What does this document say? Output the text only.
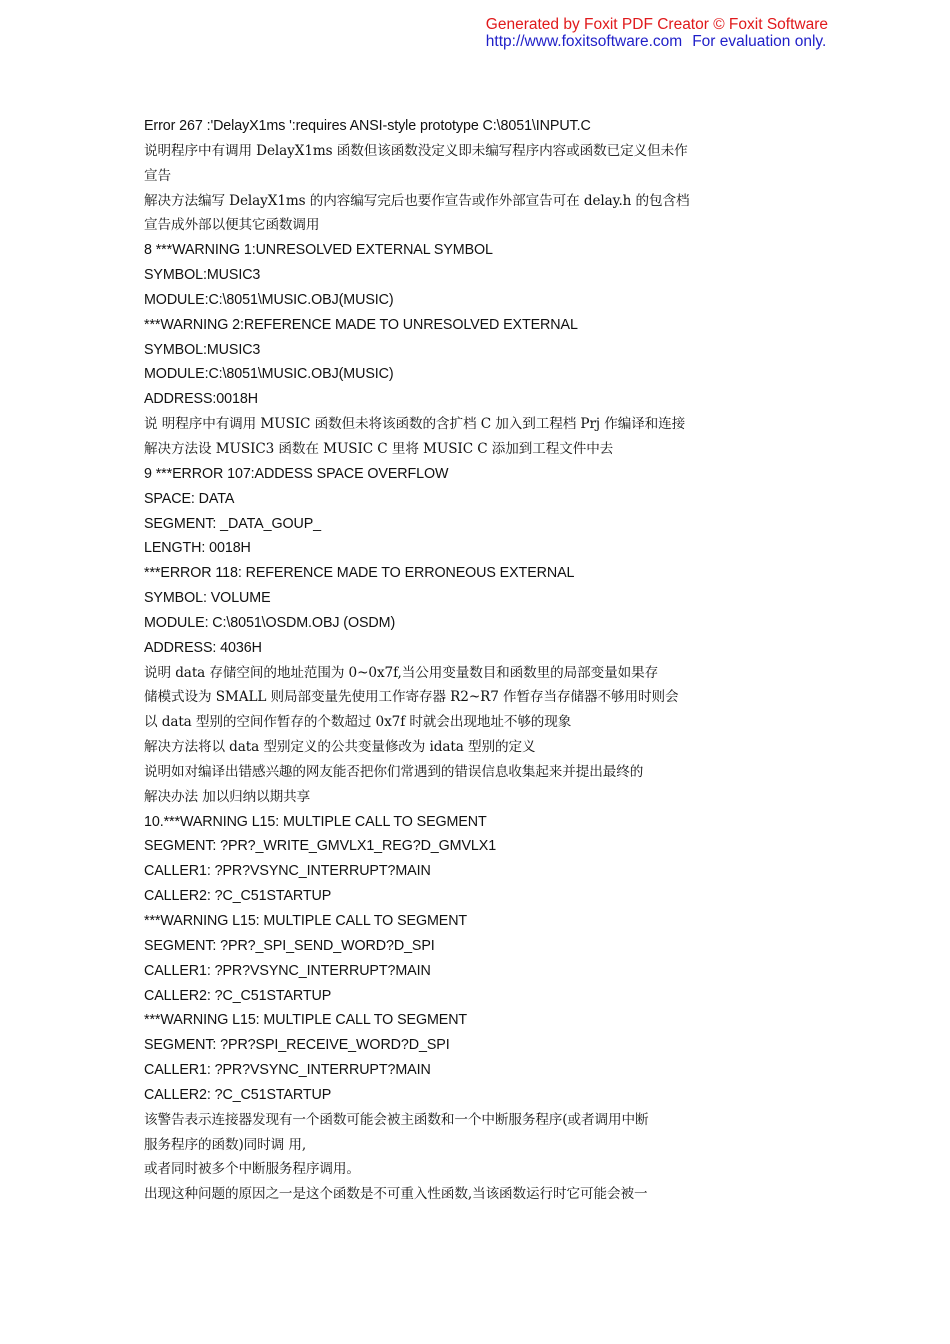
Generated by Foxit PDF Creator © Foxit Software
http://www.foxitsoftware.com For evaluation only.
Error 267 :'DelayX1ms ':requires ANSI-style prototype C:\8051\INPUT.C
说明程序中有调用 DelayX1ms 函数但该函数没定义即未编写程序内容或函数已定义但未作
宣告
解决方法编写 DelayX1ms 的内容编写完后也要作宣告或作外部宣告可在 delay.h 的包含档
宣告成外部以便其它函数调用
8 ***WARNING 1:UNRESOLVED EXTERNAL SYMBOL
SYMBOL:MUSIC3
MODULE:C:\8051\MUSIC.OBJ(MUSIC)
***WARNING 2:REFERENCE MADE TO UNRESOLVED EXTERNAL
SYMBOL:MUSIC3
MODULE:C:\8051\MUSIC.OBJ(MUSIC)
ADDRESS:0018H
说 明程序中有调用 MUSIC 函数但未将该函数的含扩档 C 加入到工程档 Prj 作编译和连接
解决方法设 MUSIC3 函数在 MUSIC C 里将 MUSIC C 添加到工程文件中去
9 ***ERROR 107:ADDESS SPACE OVERFLOW
SPACE: DATA
SEGMENT: _DATA_GOUP_
LENGTH: 0018H
***ERROR 118: REFERENCE MADE TO ERRONEOUS EXTERNAL
SYMBOL: VOLUME
MODULE: C:\8051\OSDM.OBJ (OSDM)
ADDRESS: 4036H
说明 data 存储空间的地址范围为 0~0x7f,当公用变量数目和函数里的局部变量如果存
储模式设为 SMALL 则局部变量先使用工作寄存器 R2~R7 作暂存当存储器不够用时则会
以 data 型别的空间作暂存的个数超过 0x7f 时就会出现地址不够的现象
解决方法将以 data 型别定义的公共变量修改为 idata 型别的定义
说明如对编译出错感兴趣的网友能否把你们常遇到的错误信息收集起来并提出最终的
解决办法 加以归纳以期共享
10.***WARNING L15: MULTIPLE CALL TO SEGMENT
SEGMENT: ?PR?_WRITE_GMVLX1_REG?D_GMVLX1
CALLER1: ?PR?VSYNC_INTERRUPT?MAIN
CALLER2: ?C_C51STARTUP
***WARNING L15: MULTIPLE CALL TO SEGMENT
SEGMENT: ?PR?_SPI_SEND_WORD?D_SPI
CALLER1: ?PR?VSYNC_INTERRUPT?MAIN
CALLER2: ?C_C51STARTUP
***WARNING L15: MULTIPLE CALL TO SEGMENT
SEGMENT: ?PR?SPI_RECEIVE_WORD?D_SPI
CALLER1: ?PR?VSYNC_INTERRUPT?MAIN
CALLER2: ?C_C51STARTUP
该警告表示连接器发现有一个函数可能会被主函数和一个中断服务程序(或者调用中断
服务程序的函数)同时调 用,
或者同时被多个中断服务程序调用。
出现这种问题的原因之一是这个函数是不可重入性函数,当该函数运行时它可能会被一
